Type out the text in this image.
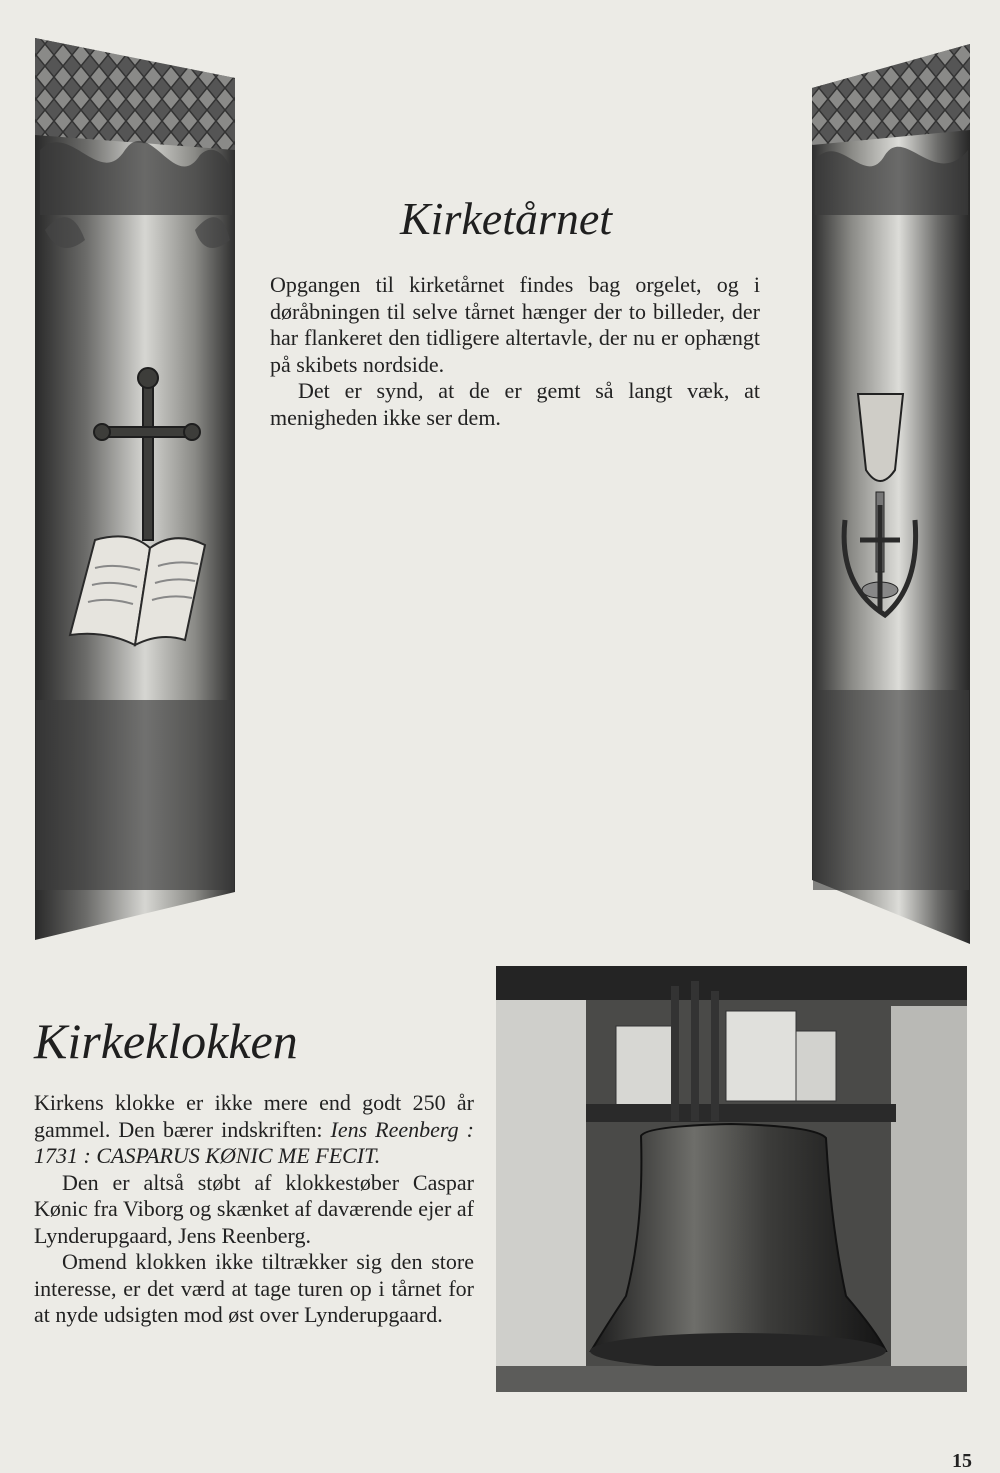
Kirketårnet

Opgangen til kirketårnet findes bag orgelet, og i døråbningen til selve tårnet hænger der to billeder, der har flankeret den tidligere altertavle, der nu er ophængt på skibets nordside.

Det er synd, at de er gemt så langt væk, at menigheden ikke ser dem.

Kirkeklokken

Kirkens klokke er ikke mere end godt 250 år gammel. Den bærer indskriften: Iens Reenberg : 1731 : CASPARUS KØNIC ME FECIT.

Den er altså støbt af klokkestøber Caspar Kønic fra Viborg og skænket af daværende ejer af Lynderupgaard, Jens Reenberg.

Omend klokken ikke tiltrækker sig den store interesse, er det værd at tage turen op i tårnet for at nyde udsigten mod øst over Lynderupgaard.

15
